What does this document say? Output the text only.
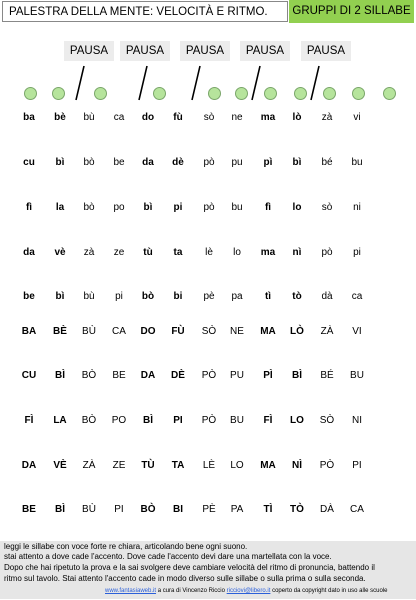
PALESTRA DELLA MENTE: VELOCITÀ E RITMO.	GRUPPI DI 2 SILLABE
PAUSA	PAUSA	PAUSA	PAUSA	PAUSA
ba	bè	bù	ca	do	fù	sò	ne	ma	lò	zà	vi
cu	bì	bò	be	da	dè	pò	pu	pì	bì	bé	bu
fì	la	bò	po	bì	pi	pò	bu	fì	lo	sò	ni
da	vè	zà	ze	tù	ta	lè	lo	ma	nì	pò	pi
be	bì	bù	pi	bò	bi	pè	pa	tì	tò	dà	ca
BA	BÈ	BÙ	CA	DO	FÙ	SÒ	NE	MA	LÒ	ZÀ	VI
CU	BÌ	BÒ	BE	DA	DÈ	PÒ	PU	PÌ	BÌ	BÉ	BU
FÌ	LA	BÒ	PO	BÌ	PI	PÒ	BU	FÌ	LO	SÒ	NI
DA	VÈ	ZÀ	ZE	TÙ	TA	LÈ	LO	MA	NÌ	PÒ	PI
BE	BÌ	BÙ	PI	BÒ	BI	PÈ	PA	TÌ	TÒ	DÀ	CA
leggi le sillabe con voce forte re chiara, articolando bene ogni suono.
stai attento a dove cade l'accento. Dove cade l'accento devi dare una martellata con la voce.
Dopo che hai ripetuto la prova e la sai svolgere deve cambiare velocità del ritmo di pronuncia, battendo il
ritmo sul tavolo. Stai attento l'accento cade in modo diverso sulle sillabe o sulla prima o sulla seconda.
www.fantasiaweb.it a cura di Vincenzo Riccio ricciovi@libero.it coperto da copyright dato in uso alle scuole
